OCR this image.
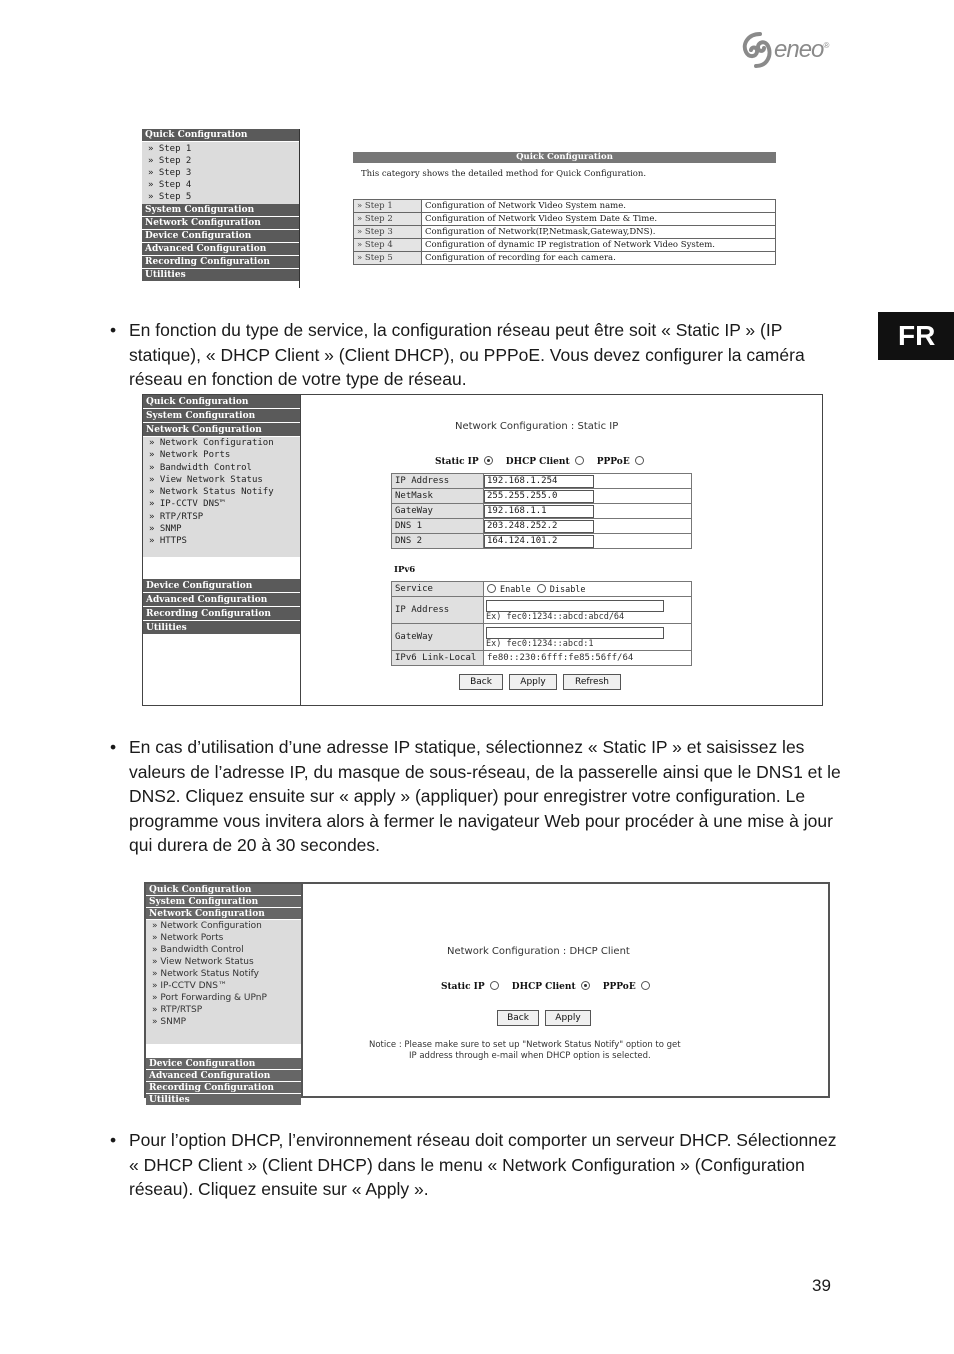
eneo®
FR
Quick Configuration
» Step 1
» Step 2
» Step 3
» Step 4
» Step 5
System Configuration
Network Configuration
Device Configuration
Advanced Configuration
Recording Configuration
Utilities
Quick Configuration
This category shows the detailed method for Quick Configuration.
» Step 1	Configuration of Network Video System name.
» Step 2	Configuration of Network Video System Date & Time.
» Step 3	Configuration of Network(IP,Netmask,Gateway,DNS).
» Step 4	Configuration of dynamic IP registration of Network Video System.
» Step 5	Configuration of recording for each camera.
• En fonction du type de service, la configuration réseau peut être soit « Static IP » (IP statique), « DHCP Client » (Client DHCP), ou PPPoE. Vous devez configurer la caméra réseau en fonction de votre type de réseau.
Quick Configuration
System Configuration
Network Configuration
» Network Configuration
» Network Ports
» Bandwidth Control
» View Network Status
» Network Status Notify
» IP-CCTV DNS™
» RTP/RTSP
» SNMP
» HTTPS
Device Configuration
Advanced Configuration
Recording Configuration
Utilities
Network Configuration : Static IP
Static IP	DHCP Client	PPPoE
IP Address	192.168.1.254

NetMask	255.255.255.0

GateWay	192.168.1.1

DNS 1	203.248.252.2

DNS 2	164.124.101.2
IPv6
Service	Enable Disable
IP Address	Ex) fec0:1234::abcd:abcd/64
GateWay	Ex) fec0:1234::abcd:1
IPv6 Link-Local	fe80::230:6fff:fe85:56ff/64
Back	Apply	Refresh
• En cas d’utilisation d’une adresse IP statique, sélectionnez « Static IP » et saisissez les valeurs de l’adresse IP, du masque de sous-réseau, de la passerelle ainsi que le DNS1 et le DNS2. Cliquez ensuite sur « apply » (appliquer) pour enregistrer votre configuration. Le programme vous invitera alors à fermer le navigateur Web pour procéder à une mise à jour qui durera de 20 à 30 secondes.
Quick Configuration
System Configuration
Network Configuration
» Network Configuration
» Network Ports
» Bandwidth Control
» View Network Status
» Network Status Notify
» IP-CCTV DNS™
» Port Forwarding & UPnP
» RTP/RTSP
» SNMP
Device Configuration
Advanced Configuration
Recording Configuration
Utilities
Network Configuration : DHCP Client
Static IP	DHCP Client	PPPoE
Back	Apply
Notice : Please make sure to set up "Network Status Notify" option to get
IP address through e-mail when DHCP option is selected.
• Pour l’option DHCP, l’environnement réseau doit comporter un serveur DHCP. Sélectionnez « DHCP Client » (Client DHCP) dans le menu « Network Configuration » (Configuration réseau). Cliquez ensuite sur « Apply ».
39
